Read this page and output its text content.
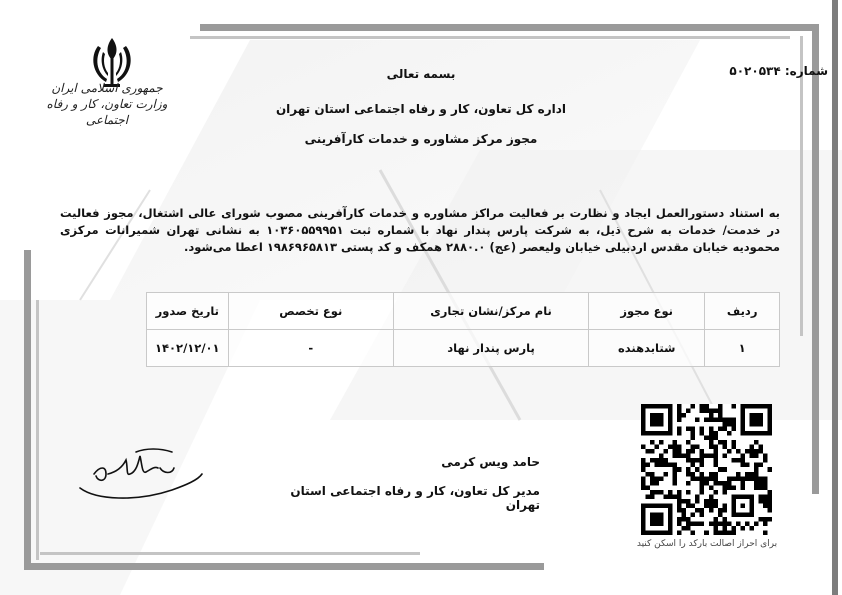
جمهوری اسلامی ایران
وزارت تعاون، کار و رفاه اجتماعی
شماره: ۵۰۲۰۵۳۴
بسمه تعالی
اداره کل تعاون، کار و رفاه اجتماعی استان تهران
مجوز مرکز مشاوره و خدمات کارآفرینی
به استناد دستورالعمل ایجاد و نظارت بر فعالیت مراکز مشاوره و خدمات کارآفرینی مصوب شورای عالی اشتغال، مجوز فعالیت در خدمت/ خدمات به شرح ذیل، به شرکت پارس پندار نهاد با شماره ثبت ۱۰۳۶۰۵۵۹۹۵۱ به نشانی تهران شمیرانات مرکزی محمودیه خیابان مقدس اردبیلی خیابان ولیعصر (عج) ۲۸۸۰.۰ همکف و کد پستی ۱۹۸۶۹۶۵۸۱۳ اعطا می‌شود.
ردیف	نوع مجوز	نام مرکز/نشان تجاری	نوع تخصص	تاریخ صدور
۱	شتابدهنده	پارس پندار نهاد	-	۱۴۰۲/۱۲/۰۱
برای احراز اصالت بارکد را اسکن کنید
حامد ویس کرمی
مدیر کل تعاون، کار و رفاه اجتماعی استان تهران
